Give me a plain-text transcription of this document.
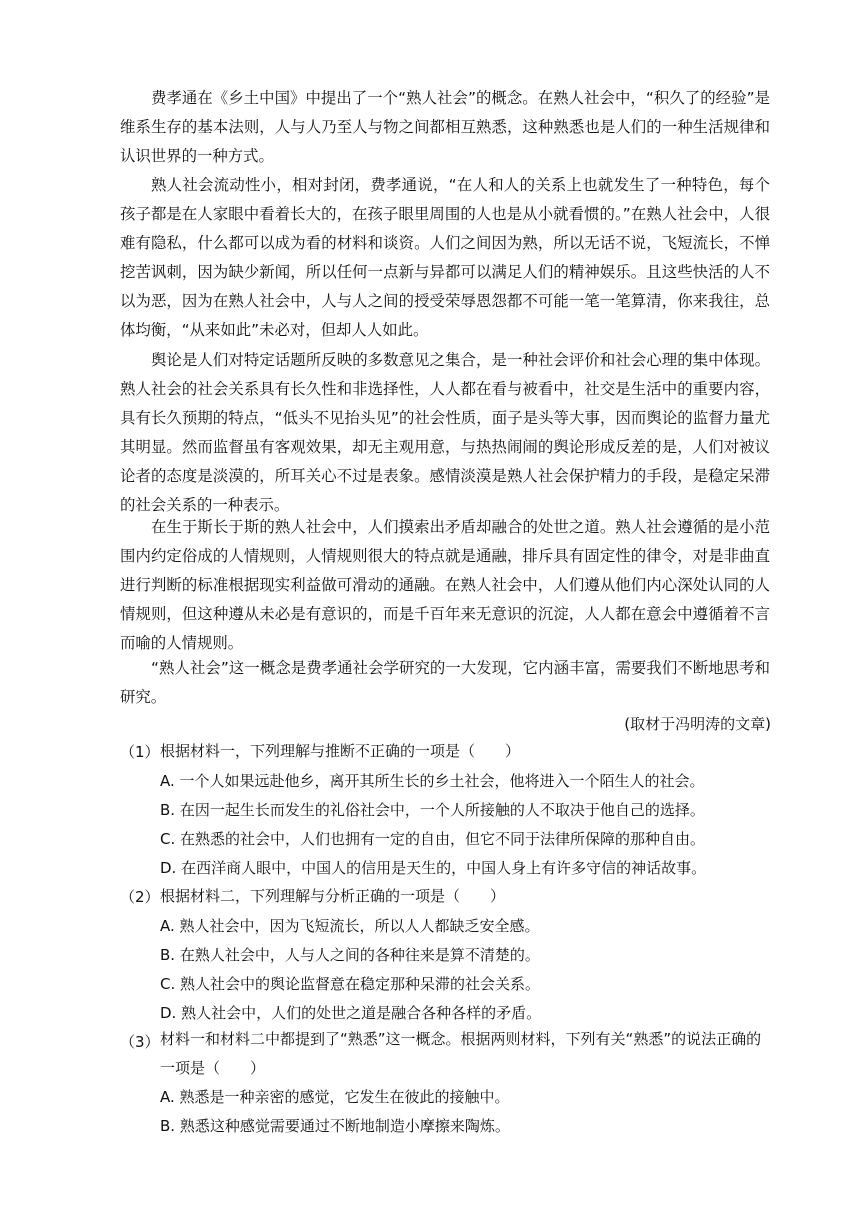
费孝通在《乡土中国》中提出了一个“熟人社会”的概念。在熟人社会中，“积久了的经验”是维系生存的基本法则，人与人乃至人与物之间都相互熟悉，这种熟悉也是人们的一种生活规律和认识世界的一种方式。

熟人社会流动性小，相对封闭，费孝通说，“在人和人的关系上也就发生了一种特色，每个孩子都是在人家眼中看着长大的，在孩子眼里周围的人也是从小就看惯的。”在熟人社会中，人很难有隐私，什么都可以成为看的材料和谈资。人们之间因为熟，所以无话不说，飞短流长，不惮挖苦讽刺，因为缺少新闻，所以任何一点新与异都可以满足人们的精神娱乐。且这些快活的人不以为恶，因为在熟人社会中，人与人之间的授受荣辱恩怨都不可能一笔一笔算清，你来我往，总体均衡，“从来如此”未必对，但却人人如此。

舆论是人们对特定话题所反映的多数意见之集合，是一种社会评价和社会心理的集中体现。熟人社会的社会关系具有长久性和非选择性，人人都在看与被看中，社交是生活中的重要内容，具有长久预期的特点，“低头不见抬头见”的社会性质，面子是头等大事，因而舆论的监督力量尤其明显。然而监督虽有客观效果，却无主观用意，与热热闹闹的舆论形成反差的是，人们对被议论者的态度是淡漠的，所耳关心不过是表象。感情淡漠是熟人社会保护精力的手段，是稳定呆滞的社会关系的一种表示。

在生于斯长于斯的熟人社会中，人们摸索出矛盾却融合的处世之道。熟人社会遵循的是小范围内约定俗成的人情规则，人情规则很大的特点就是通融，排斥具有固定性的律令，对是非曲直进行判断的标准根据现实利益做可滑动的通融。在熟人社会中，人们遵从他们内心深处认同的人情规则，但这种遵从未必是有意识的，而是千百年来无意识的沉淀，人人都在意会中遵循着不言而喻的人情规则。

“熟人社会”这一概念是费孝通社会学研究的一大发现，它内涵丰富，需要我们不断地思考和研究。

(取材于冯明涛的文章)

（1） 根据材料一，下列理解与推断不正确的一项是（　　）

A. 一个人如果远赴他乡，离开其所生长的乡土社会，他将进入一个陌生人的社会。

B. 在因一起生长而发生的礼俗社会中，一个人所接触的人不取决于他自己的选择。

C. 在熟悉的社会中，人们也拥有一定的自由，但它不同于法律所保障的那种自由。

D. 在西洋商人眼中，中国人的信用是天生的，中国人身上有许多守信的神话故事。

（2） 根据材料二，下列理解与分析正确的一项是（　　）

A. 熟人社会中，因为飞短流长，所以人人都缺乏安全感。

B. 在熟人社会中，人与人之间的各种往来是算不清楚的。

C. 熟人社会中的舆论监督意在稳定那种呆滞的社会关系。

D. 熟人社会中，人们的处世之道是融合各种各样的矛盾。

（3） 材料一和材料二中都提到了“熟悉”这一概念。根据两则材料，下列有关“熟悉”的说法正确的一项是（　　）

A. 熟悉是一种亲密的感觉，它发生在彼此的接触中。

B. 熟悉这种感觉需要通过不断地制造小摩擦来陶炼。
